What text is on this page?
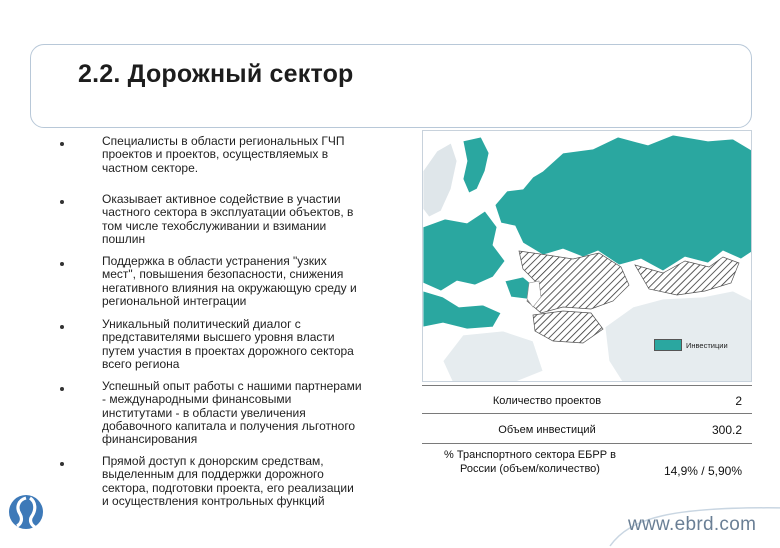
2.2. Дорожный сектор
Специалисты в области региональных ГЧП
проектов и проектов, осуществляемых в
частном секторе.
Оказывает активное содействие в участии
частного сектора в эксплуатации объектов, в
том числе техобслуживании и взимании
пошлин
Поддержка в области устранения "узких
мест", повышения безопасности, снижения
негативного влияния на окружающую среду и
региональной интеграции
Уникальный политический диалог с
представителями высшего уровня власти
путем участия в проектах дорожного сектора
всего региона
Успешный опыт работы с нашими партнерами
- международными финансовыми
институтами - в области увеличения
добавочного капитала и получения льготного
финансирования
Прямой доступ к донорским средствам,
выделенным для поддержки дорожного
сектора, подготовки проекта, его реализации
и осуществления контрольных функций
Инвестиции
Количество проектов	2
Объем инвестиций	300.2
% Транспортного сектора ЕБРР в
России (объем/количество)	14,9% / 5,90%
www.ebrd.com
